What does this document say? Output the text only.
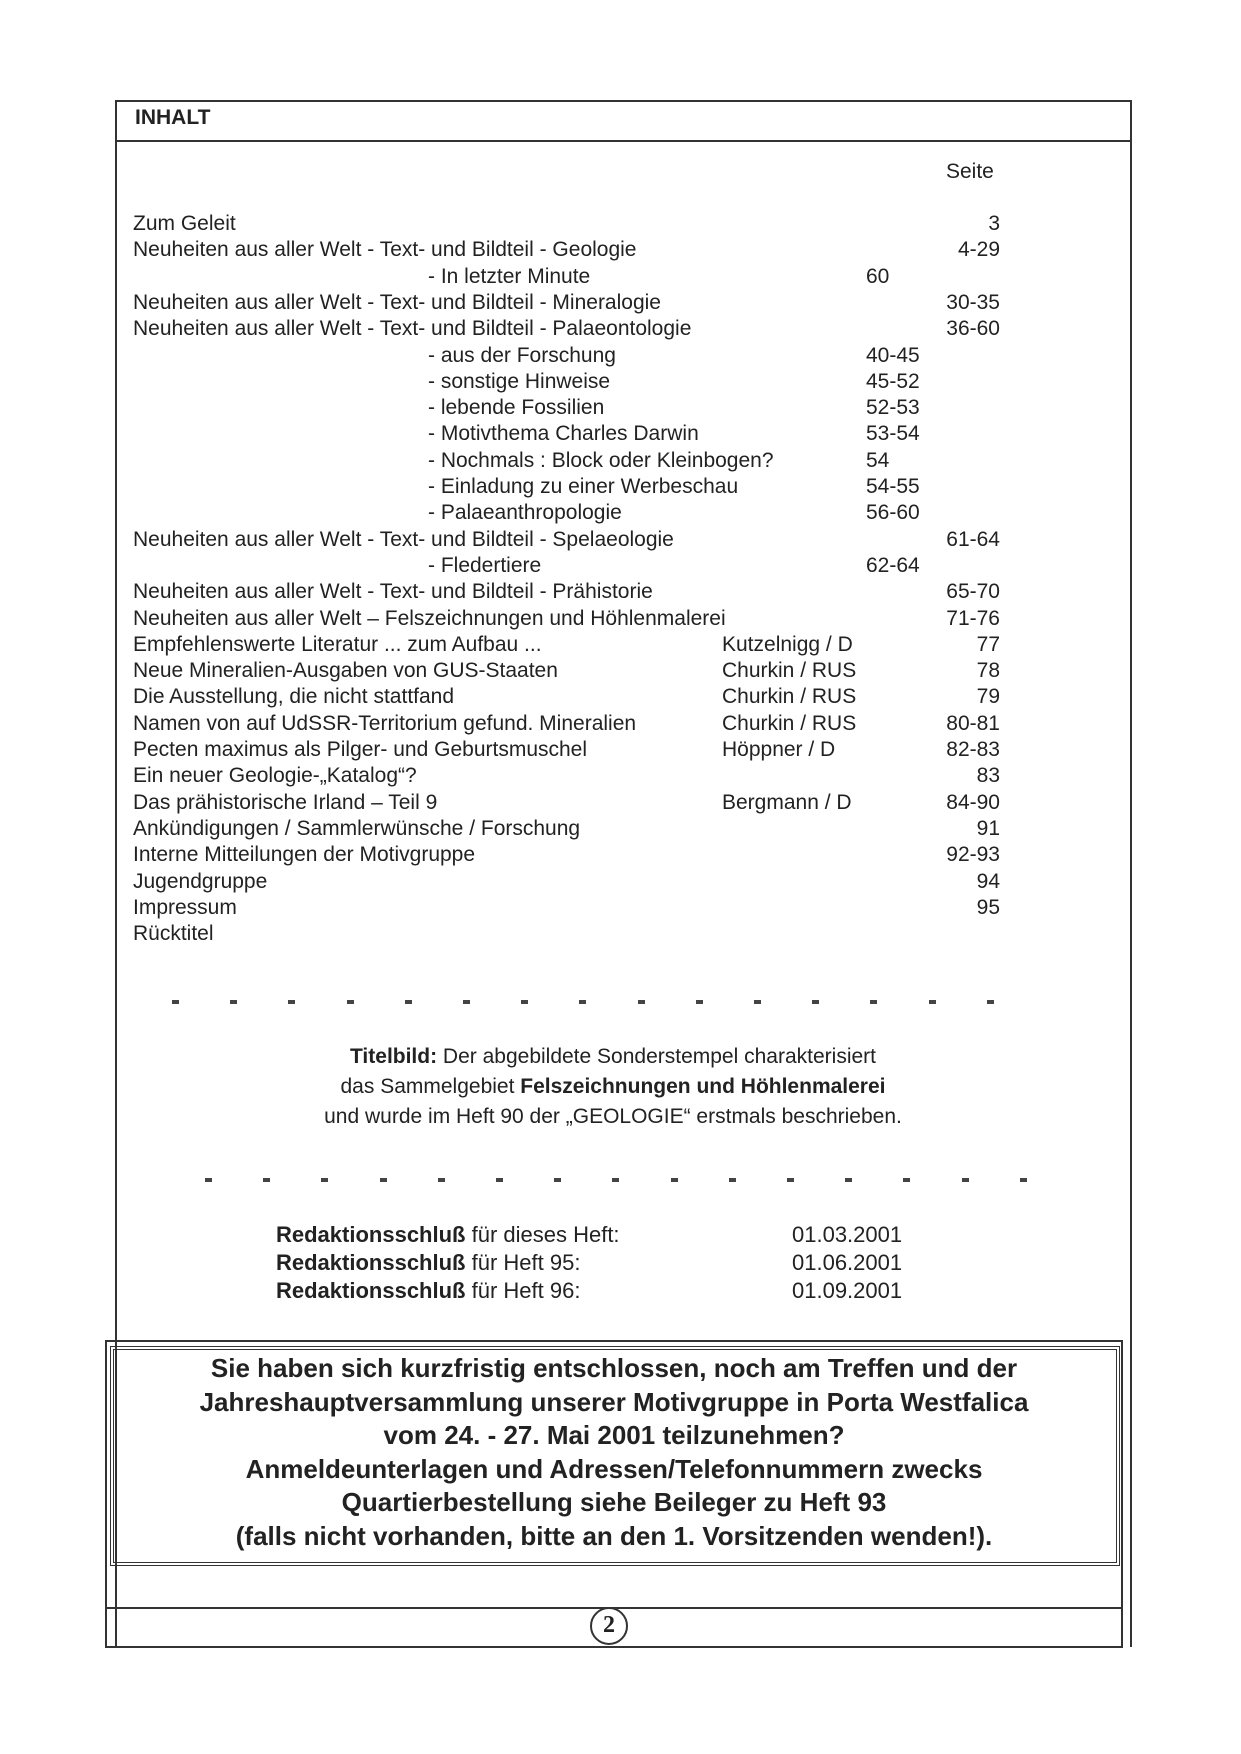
INHALT
Seite
Zum Geleit	3
Neuheiten aus aller Welt - Text- und Bildteil - Geologie	4-29
- In letzter Minute	60
Neuheiten aus aller Welt - Text- und Bildteil - Mineralogie	30-35
Neuheiten aus aller Welt - Text- und Bildteil - Palaeontologie	36-60
- aus der Forschung	40-45
- sonstige Hinweise	45-52
- lebende Fossilien	52-53
- Motivthema Charles Darwin	53-54
- Nochmals : Block oder Kleinbogen?	54
- Einladung zu einer Werbeschau	54-55
- Palaeanthropologie	56-60
Neuheiten aus aller Welt - Text- und Bildteil - Spelaeologie	61-64
- Fledertiere	62-64
Neuheiten aus aller Welt - Text- und Bildteil - Prähistorie	65-70
Neuheiten aus aller Welt – Felszeichnungen und Höhlenmalerei	71-76
Empfehlenswerte Literatur ... zum Aufbau ...	Kutzelnigg / D	77
Neue Mineralien-Ausgaben von GUS-Staaten	Churkin / RUS	78
Die Ausstellung, die nicht stattfand	Churkin / RUS	79
Namen von auf UdSSR-Territorium gefund. Mineralien	Churkin / RUS	80-81
Pecten maximus als Pilger- und Geburtsmuschel	Höppner / D	82-83
Ein neuer Geologie-„Katalog“?	83
Das prähistorische Irland – Teil 9	Bergmann / D	84-90
Ankündigungen / Sammlerwünsche / Forschung	91
Interne Mitteilungen der Motivgruppe	92-93
Jugendgruppe	94
Impressum	95
Rücktitel
Titelbild: Der abgebildete Sonderstempel charakterisiert
das Sammelgebiet Felszeichnungen und Höhlenmalerei
und wurde im Heft 90 der „GEOLOGIE“ erstmals beschrieben.
Redaktionsschluß für dieses Heft:	01.03.2001
Redaktionsschluß für Heft 95:	01.06.2001
Redaktionsschluß für Heft 96:	01.09.2001
Sie haben sich kurzfristig entschlossen, noch am Treffen und der
Jahreshauptversammlung unserer Motivgruppe in Porta Westfalica
vom 24. - 27. Mai 2001 teilzunehmen?
Anmeldeunterlagen und Adressen/Telefonnummern zwecks
Quartierbestellung siehe Beileger zu Heft 93
(falls nicht vorhanden, bitte an den 1. Vorsitzenden wenden!).
2
